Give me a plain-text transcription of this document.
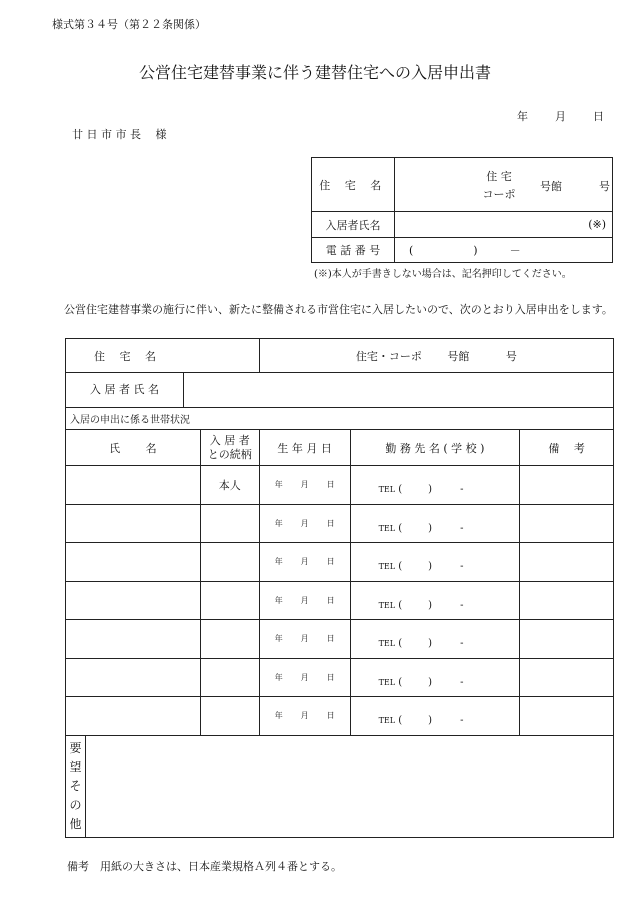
様式第３４号（第２２条関係）
公営住宅建替事業に伴う建替住宅への入居申出書
年 月 日
廿 日 市 市 長　 様
住 宅 名	住 宅
コーポ
号館 号

入居者氏名	(※)
電 話 番 号	( ) －
(※)本人が手書きしない場合は、記名押印してください。
公営住宅建替事業の施行に伴い、新たに整備される市営住宅に入居したいので、次のとおり入居申出をします。
住　 宅　 名		住宅・コーポ　　 号館　　　 号		

入 居 者 氏 名				

入居の申出に係る世帯状況				
氏　　 名	入 居 者
との続柄	生 年 月 日	勤 務 先 名 ( 学 校 )	備　 考
	本人	年 月 日	TEL ( ) -	

		年 月 日	TEL ( ) -	

		年 月 日	TEL ( ) -	

		年 月 日	TEL ( ) -	

		年 月 日	TEL ( ) -	

		年 月 日	TEL ( ) -	

		年 月 日	TEL ( ) -	

要
望
そ
の
他				
備考　用紙の大きさは、日本産業規格Ａ列４番とする。
